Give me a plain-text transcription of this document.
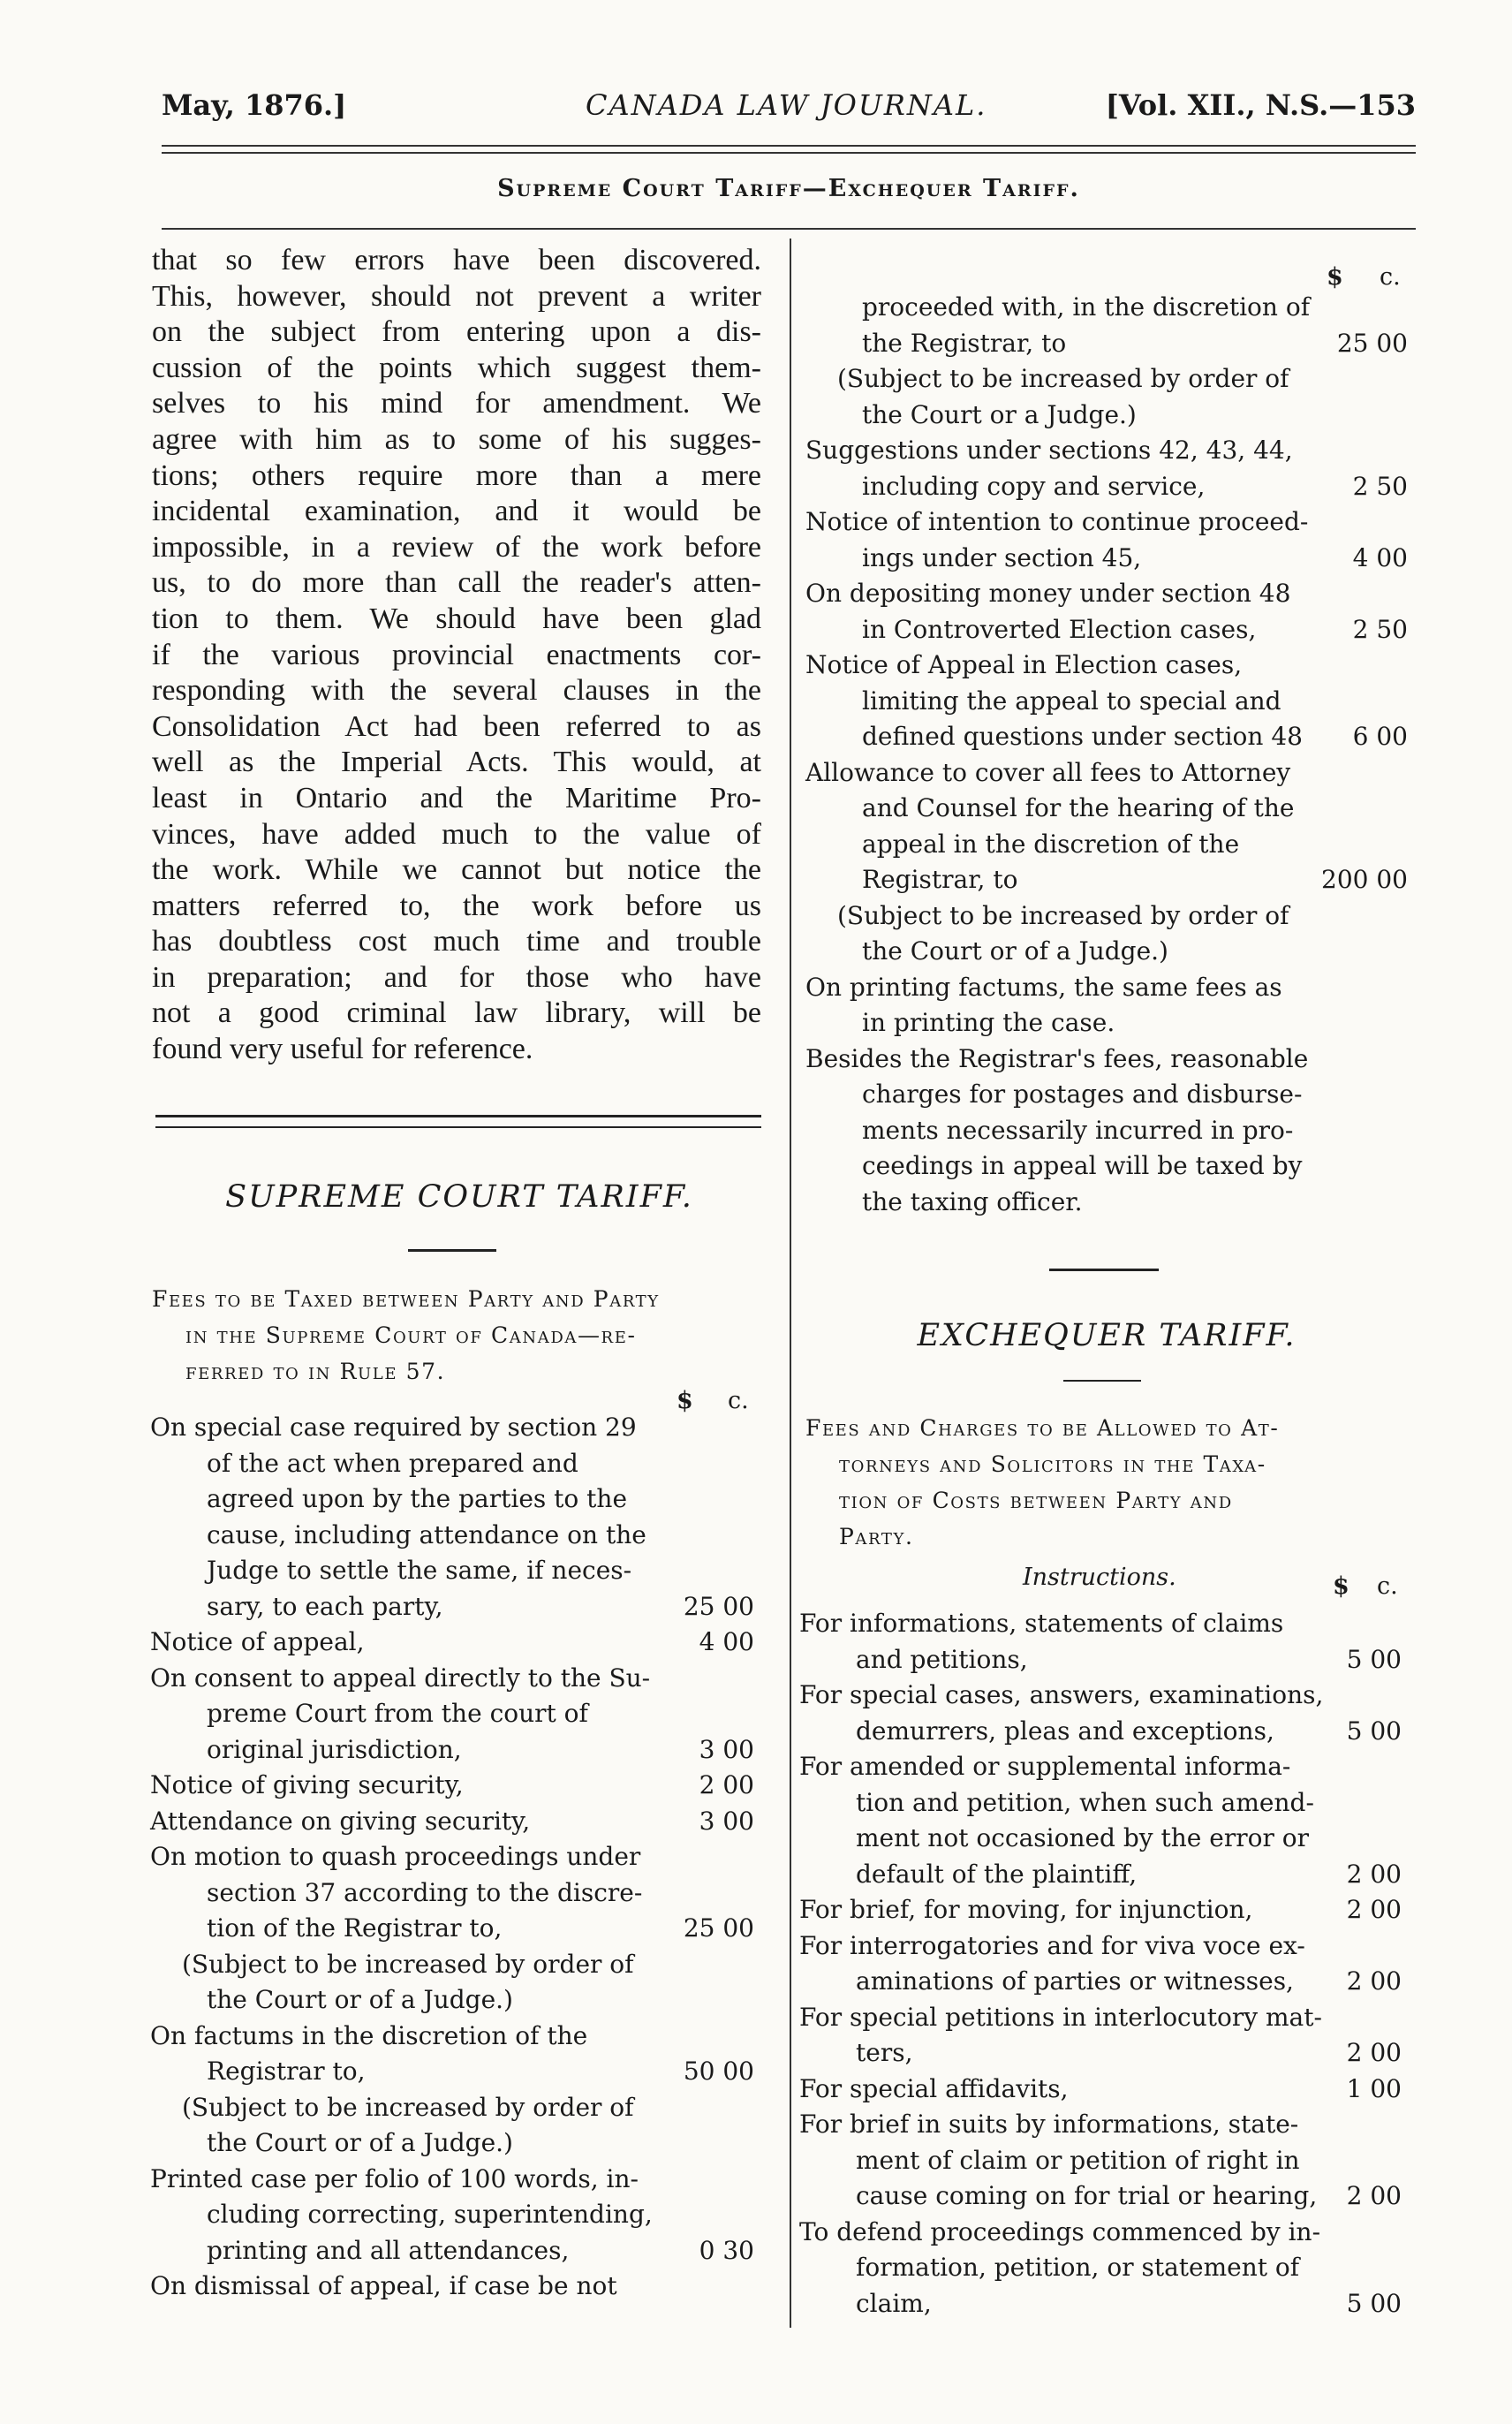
May, 1876.]	CANADA LAW JOURNAL.	[Vol. XII., N.S.—153
Supreme Court Tariff—Exchequer Tariff.
that so few errors have been discovered.
This, however, should not prevent a writer
on the subject from entering upon a dis-
cussion of the points which suggest them-
selves to his mind for amendment. We
agree with him as to some of his sugges-
tions; others require more than a mere
incidental examination, and it would be
impossible, in a review of the work before
us, to do more than call the reader's atten-
tion to them. We should have been glad
if the various provincial enactments cor-
responding with the several clauses in the
Consolidation Act had been referred to as
well as the Imperial Acts. This would, at
least in Ontario and the Maritime Pro-
vinces, have added much to the value of
the work. While we cannot but notice the
matters referred to, the work before us
has doubtless cost much time and trouble
in preparation; and for those who have
not a good criminal law library, will be
found very useful for reference.
SUPREME COURT TARIFF.
Fees to be Taxed between Party and Party
in the Supreme Court of Canada—re-
ferred to in Rule 57.
$ c.
On special case required by section 29
of the act when prepared and
agreed upon by the parties to the
cause, including attendance on the
Judge to settle the same, if neces-
sary, to each party,	25 00
Notice of appeal,	4 00
On consent to appeal directly to the Su-
preme Court from the court of
original jurisdiction,	3 00
Notice of giving security,	2 00
Attendance on giving security,	3 00
On motion to quash proceedings under
section 37 according to the discre-
tion of the Registrar to,	25 00
(Subject to be increased by order of
the Court or of a Judge.)
On factums in the discretion of the
Registrar to,	50 00
(Subject to be increased by order of
the Court or of a Judge.)
Printed case per folio of 100 words, in-
cluding correcting, superintending,
printing and all attendances,	0 30
On dismissal of appeal, if case be not
$ c.
proceeded with, in the discretion of
the Registrar, to	25 00
(Subject to be increased by order of
the Court or a Judge.)
Suggestions under sections 42, 43, 44,
including copy and service,	2 50
Notice of intention to continue proceed-
ings under section 45,	4 00
On depositing money under section 48
in Controverted Election cases,	2 50
Notice of Appeal in Election cases,
limiting the appeal to special and
defined questions under section 48	6 00
Allowance to cover all fees to Attorney
and Counsel for the hearing of the
appeal in the discretion of the
Registrar, to	200 00
(Subject to be increased by order of
the Court or of a Judge.)
On printing factums, the same fees as
in printing the case.
Besides the Registrar's fees, reasonable
charges for postages and disburse-
ments necessarily incurred in pro-
ceedings in appeal will be taxed by
the taxing officer.
EXCHEQUER TARIFF.
Fees and Charges to be Allowed to At-
torneys and Solicitors in the Taxa-
tion of Costs between Party and
Party.
Instructions.	$ c.
For informations, statements of claims
and petitions,	5 00
For special cases, answers, examinations,
demurrers, pleas and exceptions,	5 00
For amended or supplemental informa-
tion and petition, when such amend-
ment not occasioned by the error or
default of the plaintiff,	2 00
For brief, for moving, for injunction,	2 00
For interrogatories and for viva voce ex-
aminations of parties or witnesses,	2 00
For special petitions in interlocutory mat-
ters,	2 00
For special affidavits,	1 00
For brief in suits by informations, state-
ment of claim or petition of right in
cause coming on for trial or hearing,	2 00
To defend proceedings commenced by in-
formation, petition, or statement of
claim,	5 00
